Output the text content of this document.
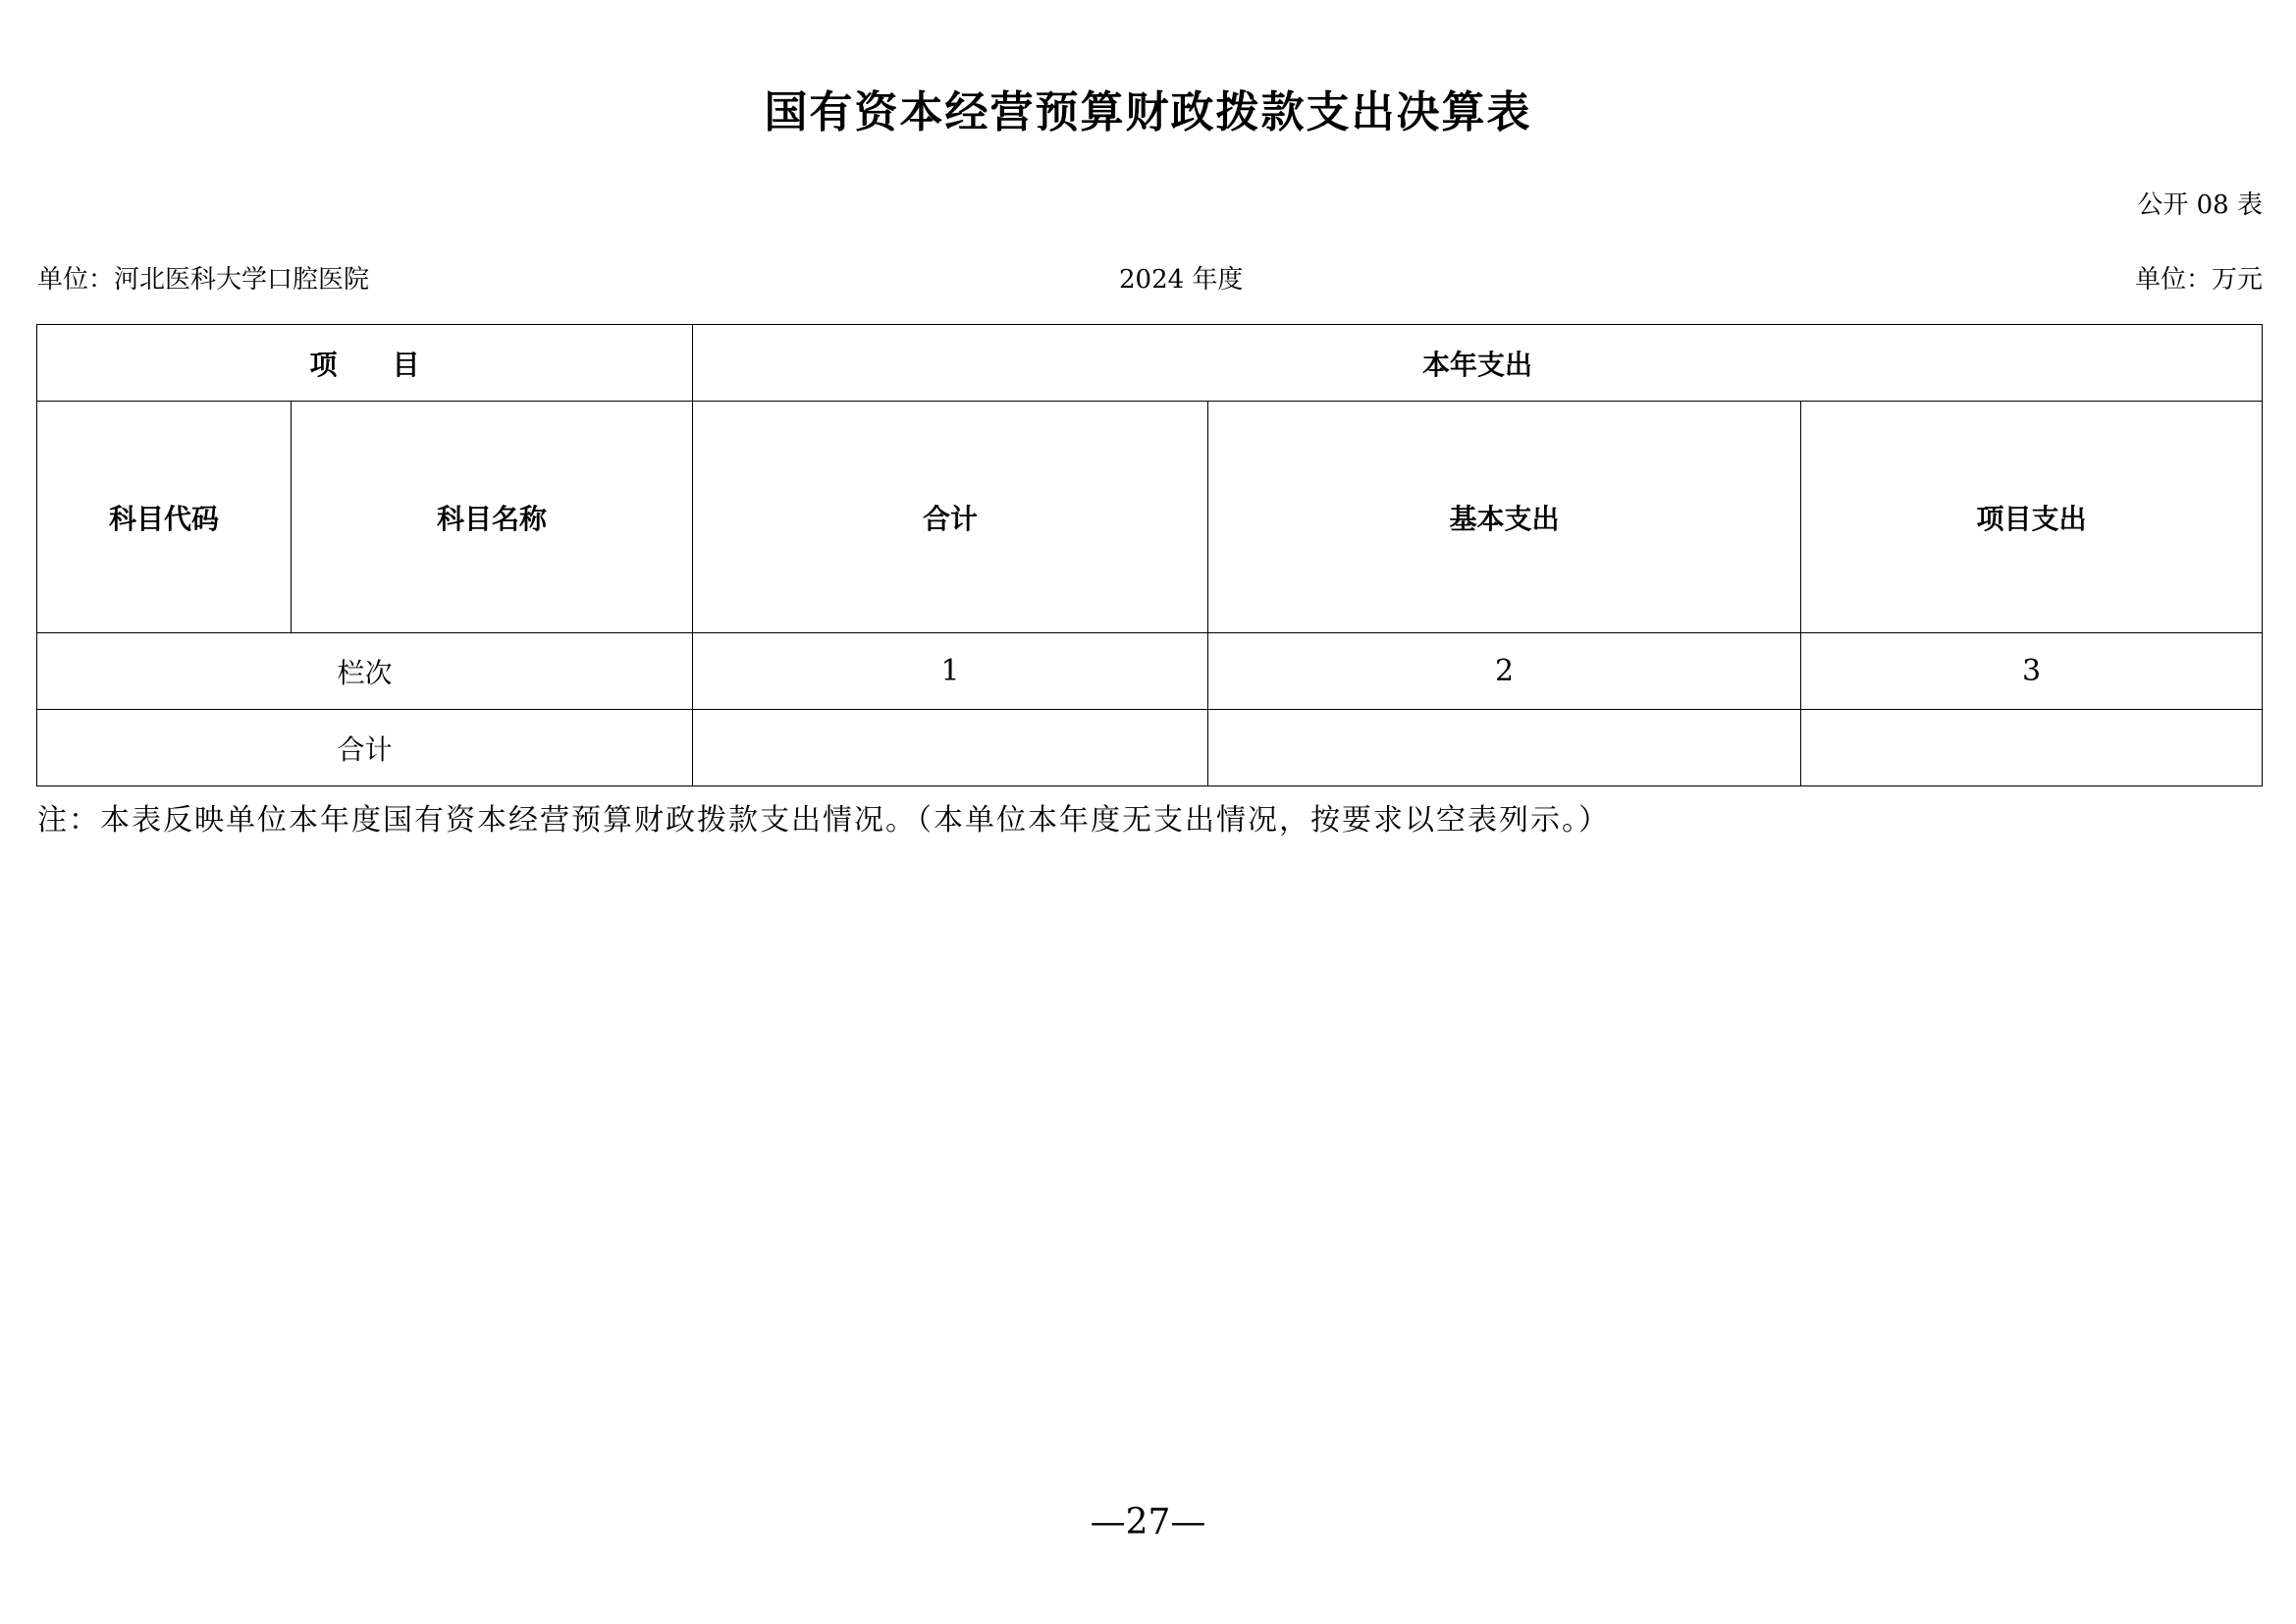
国有资本经营预算财政拨款支出决算表
公开 08 表
单位：河北医科大学口腔医院	2024 年度	单位：万元
项　　目		本年支出		
科目代码	科目名称	合计	基本支出	项目支出
栏次		1	2	3
合计				
注：本表反映单位本年度国有资本经营预算财政拨款支出情况。（本单位本年度无支出情况，按要求以空表列示。）
—27—
